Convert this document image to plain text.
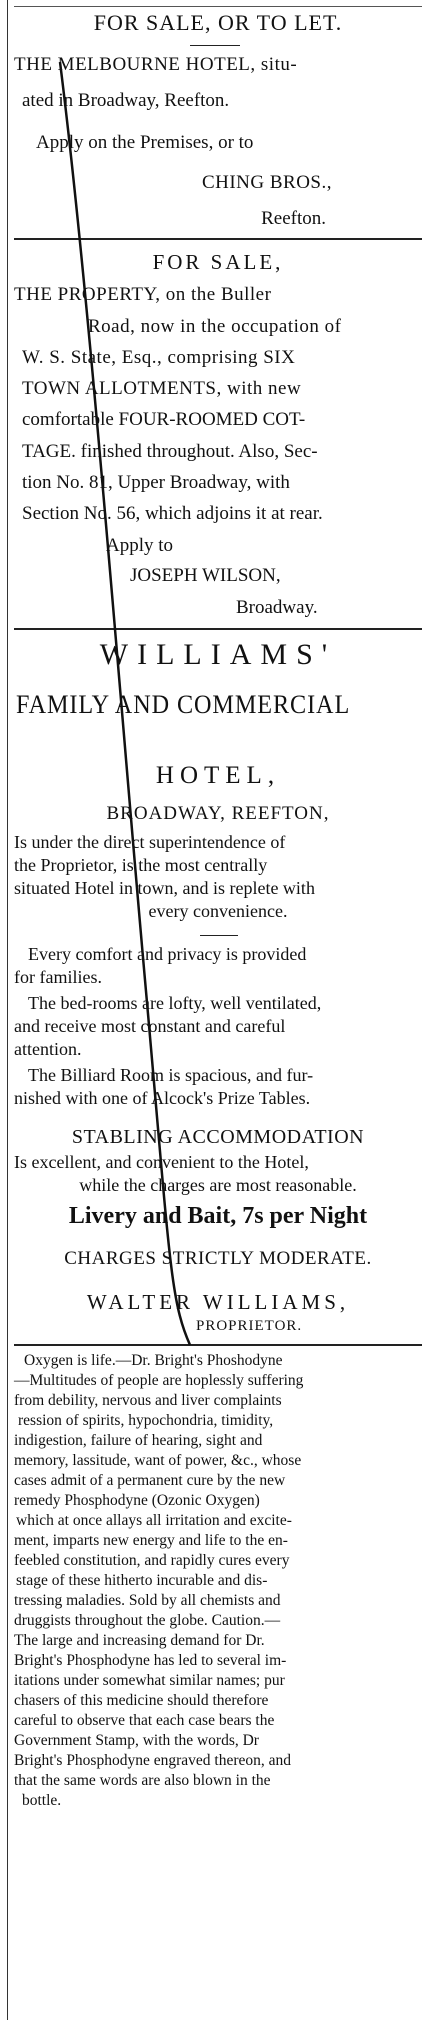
FOR SALE, OR TO LET.
THE MELBOURNE HOTEL, situ-
ated in Broadway, Reefton.
Apply on the Premises, or to
CHING BROS.,
Reefton.
FOR SALE,
THE PROPERTY, on the Buller
Road, now in the occupation of
W. S. State, Esq., comprising SIX
TOWN ALLOTMENTS, with new
comfortable FOUR-ROOMED COT-
TAGE. finished throughout. Also, Sec-
tion No. 81, Upper Broadway, with
Section No. 56, which adjoins it at rear.
Apply to
JOSEPH WILSON,
Broadway.
WILLIAMS'
FAMILY AND COMMERCIAL
HOTEL,
BROADWAY, REEFTON,
Is under the direct superintendence of
the Proprietor, is the most centrally
situated Hotel in town, and is replete with
every convenience.
Every comfort and privacy is provided
for families.
The bed-rooms are lofty, well ventilated,
and receive most constant and careful
attention.
The Billiard Room is spacious, and fur-
nished with one of Alcock's Prize Tables.
STABLING ACCOMMODATION
Is excellent, and convenient to the Hotel,
while the charges are most reasonable.
Livery and Bait, 7s per Night
CHARGES STRICTLY MODERATE.
WALTER WILLIAMS,
PROPRIETOR.
Oxygen is life.—Dr. Bright's Phoshodyne
—Multitudes of people are hoplessly suffering
from debility, nervous and liver complaints
ression of spirits, hypochondria, timidity,
indigestion, failure of hearing, sight and
memory, lassitude, want of power, &c., whose
cases admit of a permanent cure by the new
remedy Phosphodyne (Ozonic Oxygen)
which at once allays all irritation and excite-
ment, imparts new energy and life to the en-
feebled constitution, and rapidly cures every
stage of these hitherto incurable and dis-
tressing maladies. Sold by all chemists and
druggists throughout the globe. Caution.—
The large and increasing demand for Dr.
Bright's Phosphodyne has led to several im-
itations under somewhat similar names; pur
chasers of this medicine should therefore
careful to observe that each case bears the
Government Stamp, with the words, Dr
Bright's Phosphodyne engraved thereon, and
that the same words are also blown in the
bottle.
